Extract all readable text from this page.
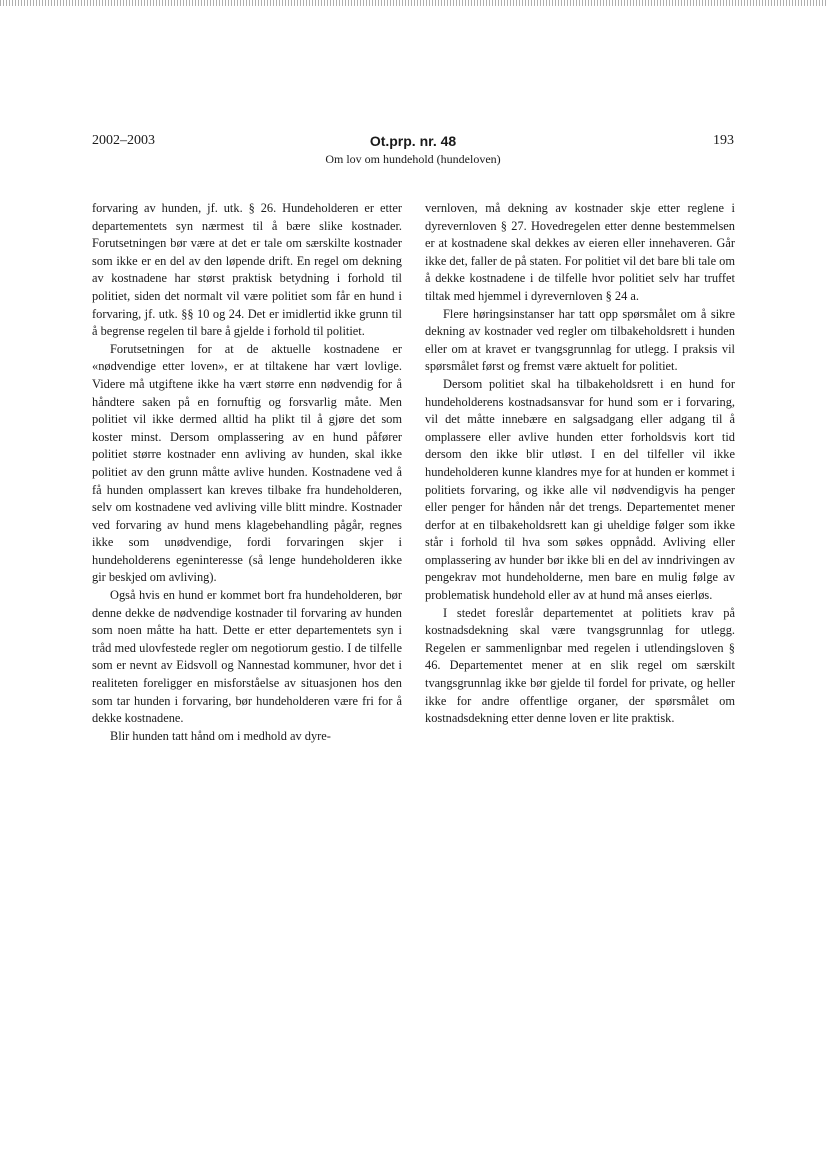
2002–2003	Ot.prp. nr. 48
Om lov om hundehold (hundeloven)
193

forvaring av hunden, jf. utk. § 26. Hundeholderen er etter departementets syn nærmest til å bære slike kostnader. Forutsetningen bør være at det er tale om særskilte kostnader som ikke er en del av den løpende drift. En regel om dekning av kostnadene har størst praktisk betydning i forhold til politiet, siden det normalt vil være politiet som får en hund i forvaring, jf. utk. §§ 10 og 24. Det er imidlertid ikke grunn til å begrense regelen til bare å gjelde i forhold til politiet.

Forutsetningen for at de aktuelle kostnadene er «nødvendige etter loven», er at tiltakene har vært lovlige. Videre må utgiftene ikke ha vært større enn nødvendig for å håndtere saken på en fornuftig og forsvarlig måte. Men politiet vil ikke dermed alltid ha plikt til å gjøre det som koster minst. Dersom omplassering av en hund påfører politiet større kostnader enn avliving av hunden, skal ikke politiet av den grunn måtte avlive hunden. Kostnadene ved å få hunden omplassert kan kreves tilbake fra hundeholderen, selv om kostnadene ved avliving ville blitt mindre. Kostnader ved forvaring av hund mens klagebehandling pågår, regnes ikke som unødvendige, fordi forvaringen skjer i hundeholderens egeninteresse (så lenge hundeholderen ikke gir beskjed om avliving).

Også hvis en hund er kommet bort fra hundeholderen, bør denne dekke de nødvendige kostnader til forvaring av hunden som noen måtte ha hatt. Dette er etter departementets syn i tråd med ulovfestede regler om negotiorum gestio. I de tilfelle som er nevnt av Eidsvoll og Nannestad kommuner, hvor det i realiteten foreligger en misforståelse av situasjonen hos den som tar hunden i forvaring, bør hundeholderen være fri for å dekke kostnadene.

Blir hunden tatt hånd om i medhold av dyre-

vernloven, må dekning av kostnader skje etter reglene i dyrevernloven § 27. Hovedregelen etter denne bestemmelsen er at kostnadene skal dekkes av eieren eller innehaveren. Går ikke det, faller de på staten. For politiet vil det bare bli tale om å dekke kostnadene i de tilfelle hvor politiet selv har truffet tiltak med hjemmel i dyrevernloven § 24 a.

Flere høringsinstanser har tatt opp spørsmålet om å sikre dekning av kostnader ved regler om tilbakeholdsrett i hunden eller om at kravet er tvangsgrunnlag for utlegg. I praksis vil spørsmålet først og fremst være aktuelt for politiet.

Dersom politiet skal ha tilbakeholdsrett i en hund for hundeholderens kostnadsansvar for hund som er i forvaring, vil det måtte innebære en salgsadgang eller adgang til å omplassere eller avlive hunden etter forholdsvis kort tid dersom den ikke blir utløst. I en del tilfeller vil ikke hundeholderen kunne klandres mye for at hunden er kommet i politiets forvaring, og ikke alle vil nødvendigvis ha penger eller penger for hånden når det trengs. Departementet mener derfor at en tilbakeholdsrett kan gi uheldige følger som ikke står i forhold til hva som søkes oppnådd. Avliving eller omplassering av hunder bør ikke bli en del av inndrivingen av pengekrav mot hundeholderne, men bare en mulig følge av problematisk hundehold eller av at hund må anses eierløs.

I stedet foreslår departementet at politiets krav på kostnadsdekning skal være tvangsgrunnlag for utlegg. Regelen er sammenlignbar med regelen i utlendingsloven § 46. Departementet mener at en slik regel om særskilt tvangsgrunnlag ikke bør gjelde til fordel for private, og heller ikke for andre offentlige organer, der spørsmålet om kostnadsdekning etter denne loven er lite praktisk.
